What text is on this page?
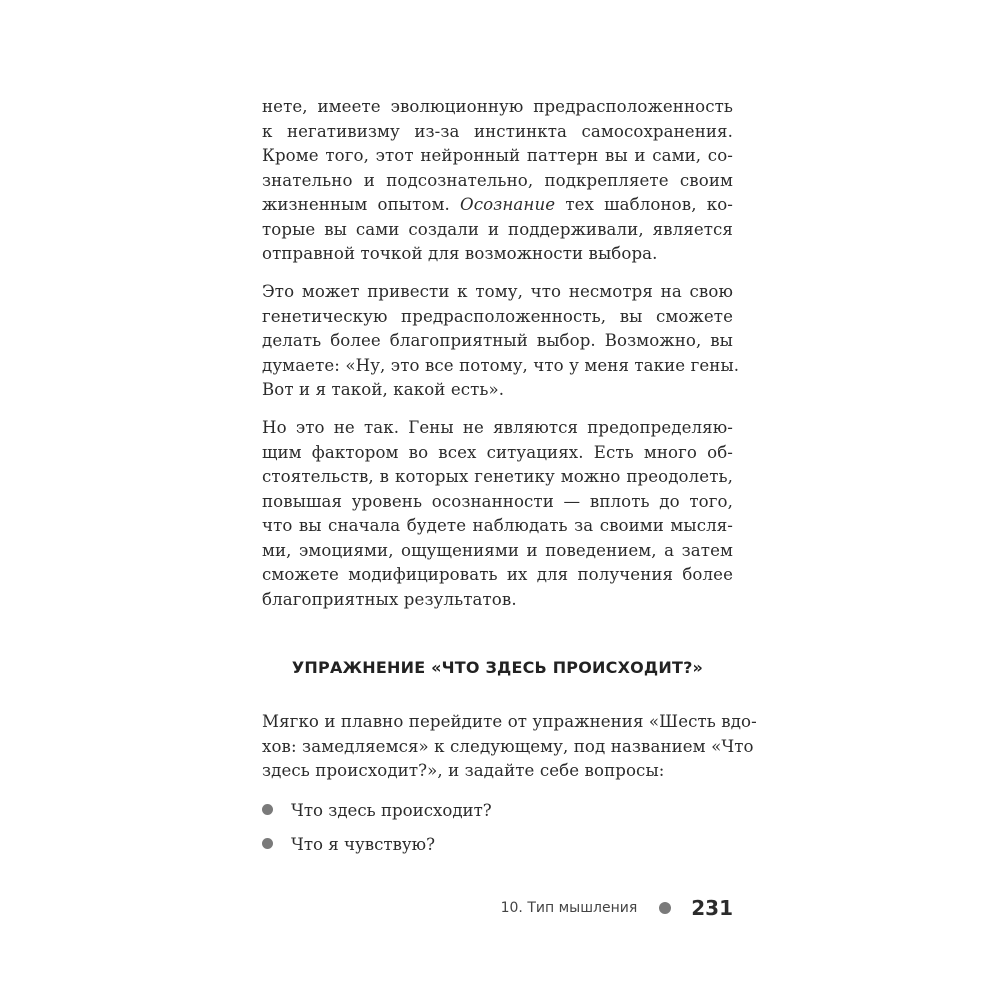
нете, имеете эволюционную предрасположенность
к негативизму из-за инстинкта самосохранения.
Кроме того, этот нейронный паттерн вы и сами, со-
знательно и подсознательно, подкрепляете своим
жизненным опытом. Осознание тех шаблонов, ко-
торые вы сами создали и поддерживали, является
отправной точкой для возможности выбора.
Это может привести к тому, что несмотря на свою
генетическую предрасположенность, вы сможете
делать более благоприятный выбор. Возможно, вы
думаете: «Ну, это все потому, что у меня такие гены.
Вот и я такой, какой есть».
Но это не так. Гены не являются предопределяю-
щим фактором во всех ситуациях. Есть много об-
стоятельств, в которых генетику можно преодолеть,
повышая уровень осознанности — вплоть до того,
что вы сначала будете наблюдать за своими мысля-
ми, эмоциями, ощущениями и поведением, а затем
сможете модифицировать их для получения более
благоприятных результатов.
УПРАЖНЕНИЕ «ЧТО ЗДЕСЬ ПРОИСХОДИТ?»
Мягко и плавно перейдите от упражнения «Шесть вдо-
хов: замедляемся» к следующему, под названием «Что
здесь происходит?», и задайте себе вопросы:
Что здесь происходит?
Что я чувствую?
10. Тип мышления	231
